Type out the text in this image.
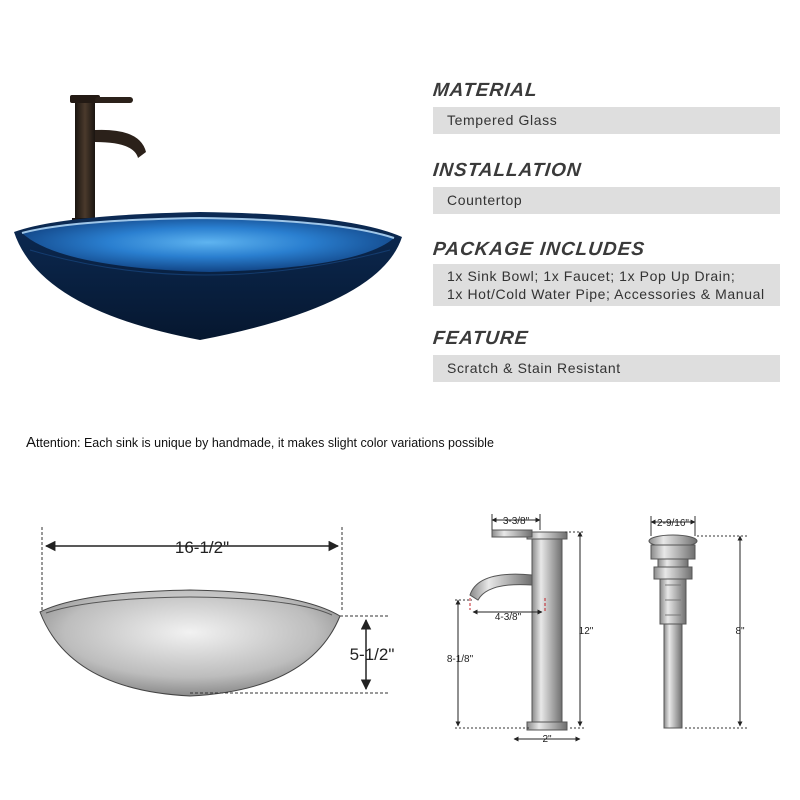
MATERIAL
Tempered Glass
INSTALLATION
Countertop
PACKAGE INCLUDES
1x Sink Bowl; 1x Faucet; 1x Pop Up Drain;
1x Hot/Cold Water Pipe; Accessories & Manual
FEATURE
Scratch & Stain Resistant
Attention: Each sink is unique by handmade, it makes slight color variations possible
16-1/2"
5-1/2"
3-3/8"
4-3/8"
8-1/8"
12"
2"
2-9/16"
8"
